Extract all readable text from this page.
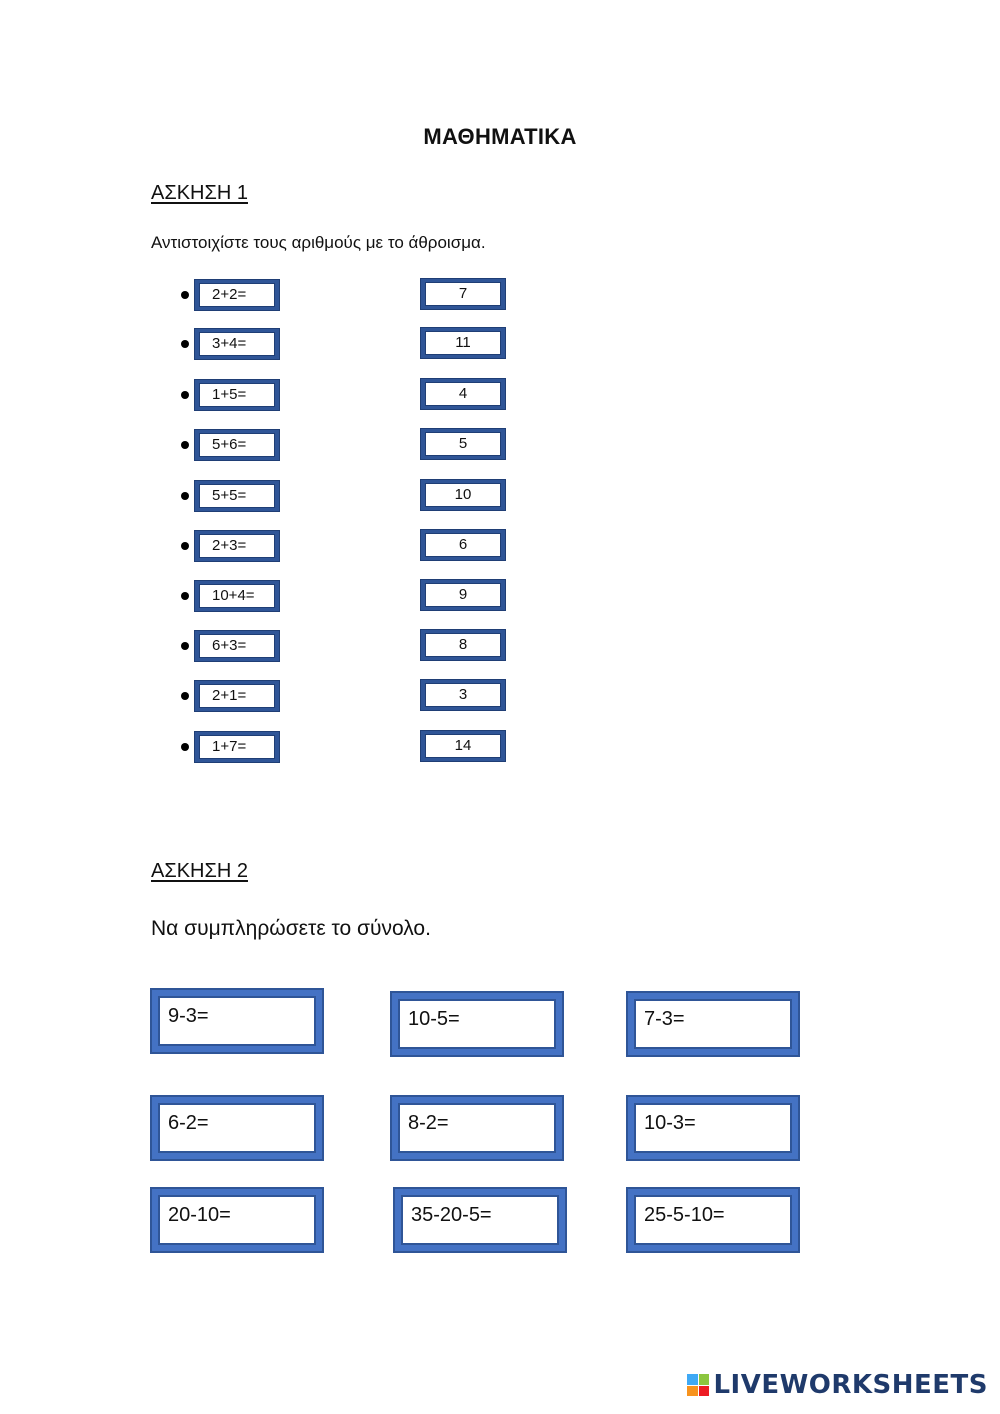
ΜΑΘΗΜΑΤΙΚΑ
ΑΣΚΗΣΗ 1
Αντιστοιχίστε τους αριθμούς με το άθροισμα.
ΑΣΚΗΣΗ 2
Να συμπληρώσετε το σύνολο.
LIVEWORKSHEETS
2+2=
3+4=
1+5=
5+6=
5+5=
2+3=
10+4=
6+3=
2+1=
1+7=
7
11
4
5
10
6
9
8
3
14
9-3=	10-5=	7-3=
6-2=	8-2=	10-3=
20-10=	35-20-5=	25-5-10=
